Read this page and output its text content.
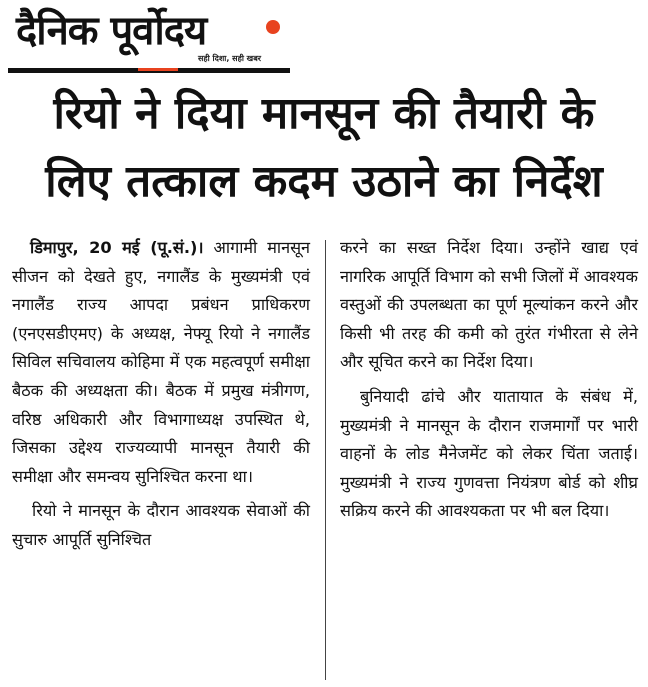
दैनिक पूर्वोदय
सही दिशा, सही खबर
रियो ने दिया मानसून की तैयारी के
लिए तत्काल कदम उठाने का निर्देश

डिमापुर, 20 मई (पू.सं.)। आगामी मानसून सीजन को देखते हुए, नगालैंड के मुख्यमंत्री एवं नगालैंड राज्य आपदा प्रबंधन प्राधिकरण (एनएसडीएमए) के अध्यक्ष, नेफ्यू रियो ने नगालैंड सिविल सचिवालय कोहिमा में एक महत्वपूर्ण समीक्षा बैठक की अध्यक्षता की। बैठक में प्रमुख मंत्रीगण, वरिष्ठ अधिकारी और विभागाध्यक्ष उपस्थित थे, जिसका उद्देश्य राज्यव्यापी मानसून तैयारी की समीक्षा और समन्वय सुनिश्चित करना था।

रियो ने मानसून के दौरान आवश्यक सेवाओं की सुचारु आपूर्ति सुनिश्चित

करने का सख्त निर्देश दिया। उन्होंने खाद्य एवं नागरिक आपूर्ति विभाग को सभी जिलों में आवश्यक वस्तुओं की उपलब्धता का पूर्ण मूल्यांकन करने और किसी भी तरह की कमी को तुरंत गंभीरता से लेने और सूचित करने का निर्देश दिया।

बुनियादी ढांचे और यातायात के संबंध में, मुख्यमंत्री ने मानसून के दौरान राजमार्गों पर भारी वाहनों के लोड मैनेजमेंट को लेकर चिंता जताई। मुख्यमंत्री ने राज्य गुणवत्ता नियंत्रण बोर्ड को शीघ्र सक्रिय करने की आवश्यकता पर भी बल दिया।
